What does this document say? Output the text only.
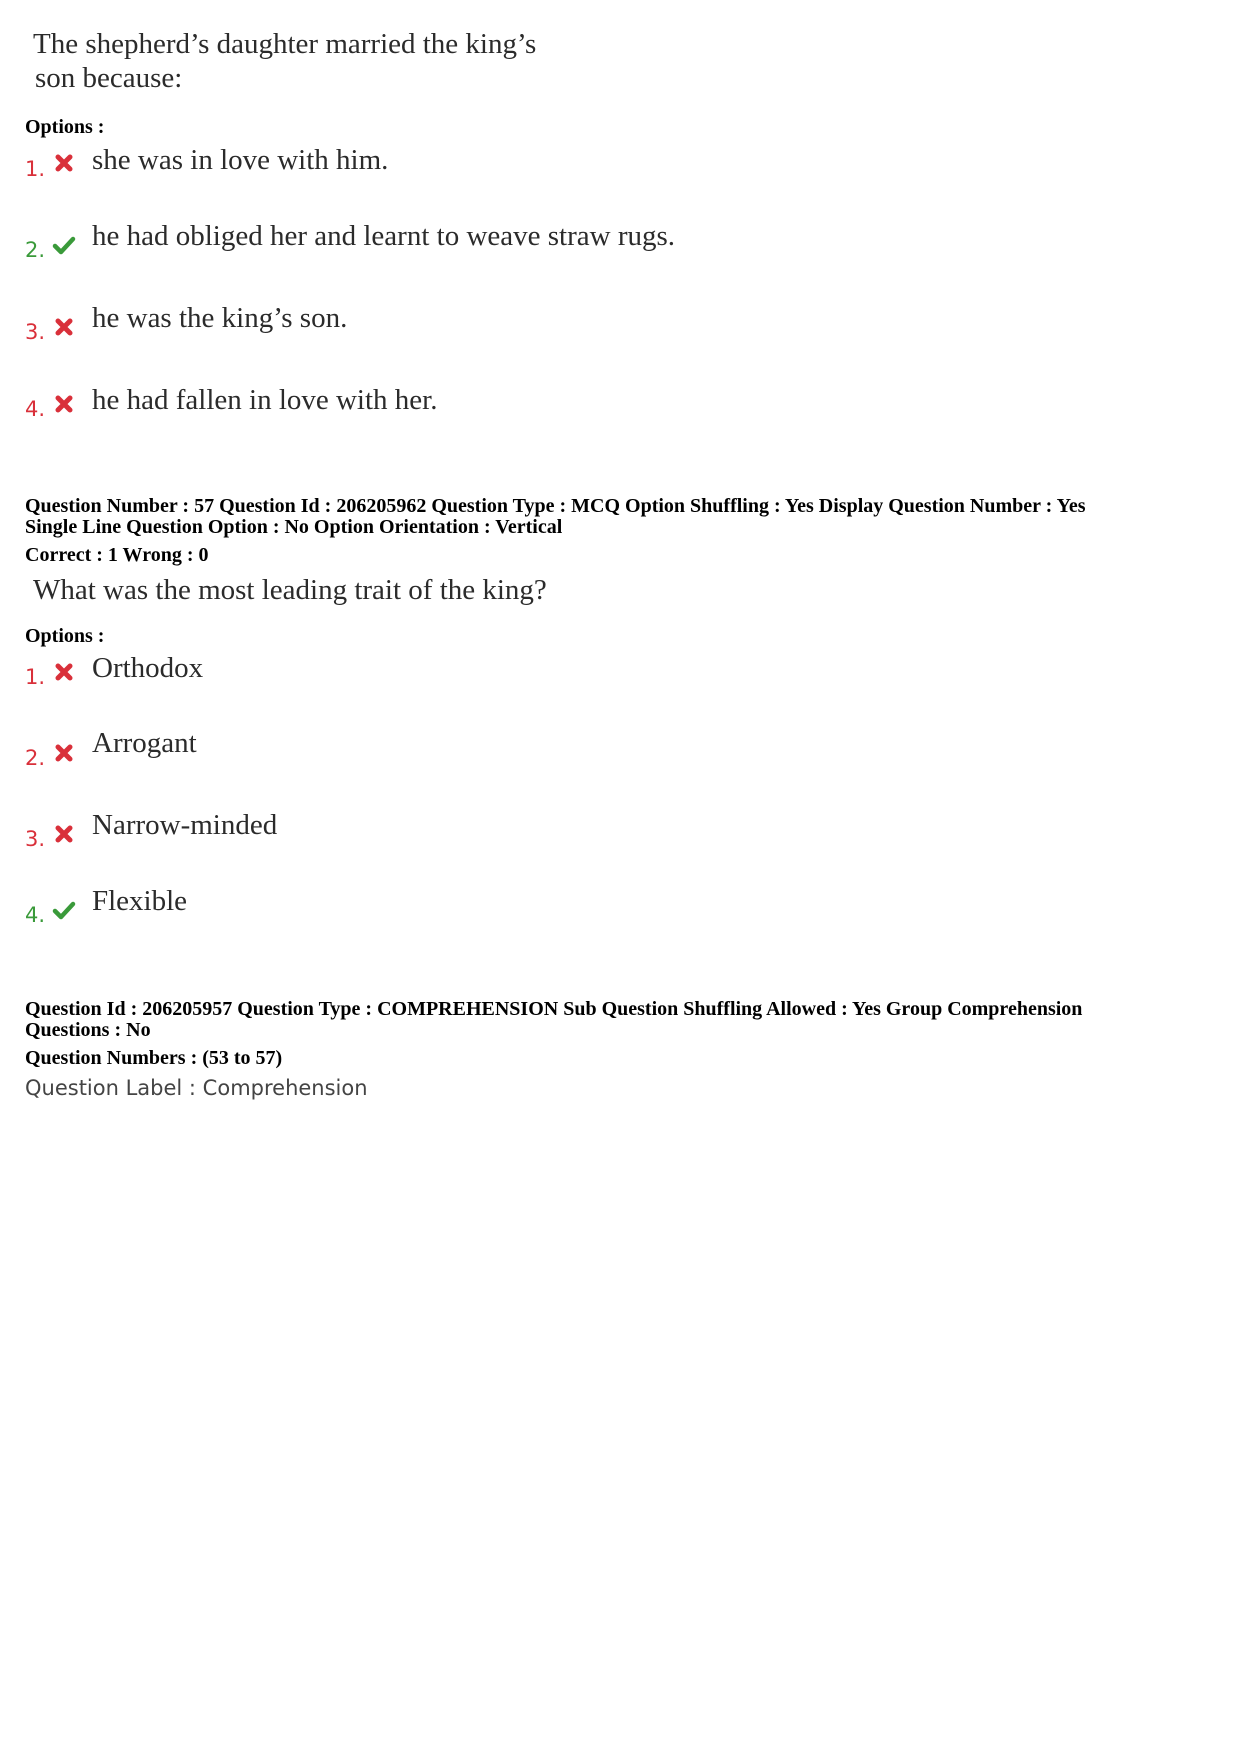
The shepherd’s daughter married the king’s
son because:
Options :
1. she was in love with him.
2. he had obliged her and learnt to weave straw rugs.
3. he was the king’s son.
4. he had fallen in love with her.
Question Number : 57 Question Id : 206205962 Question Type : MCQ Option Shuffling : Yes Display Question Number : Yes
Single Line Question Option : No Option Orientation : Vertical
Correct : 1 Wrong : 0
What was the most leading trait of the king?
Options :
1. Orthodox
2. Arrogant
3. Narrow-minded
4. Flexible
Question Id : 206205957 Question Type : COMPREHENSION Sub Question Shuffling Allowed : Yes Group Comprehension
Questions : No
Question Numbers : (53 to 57)
Question Label : Comprehension
